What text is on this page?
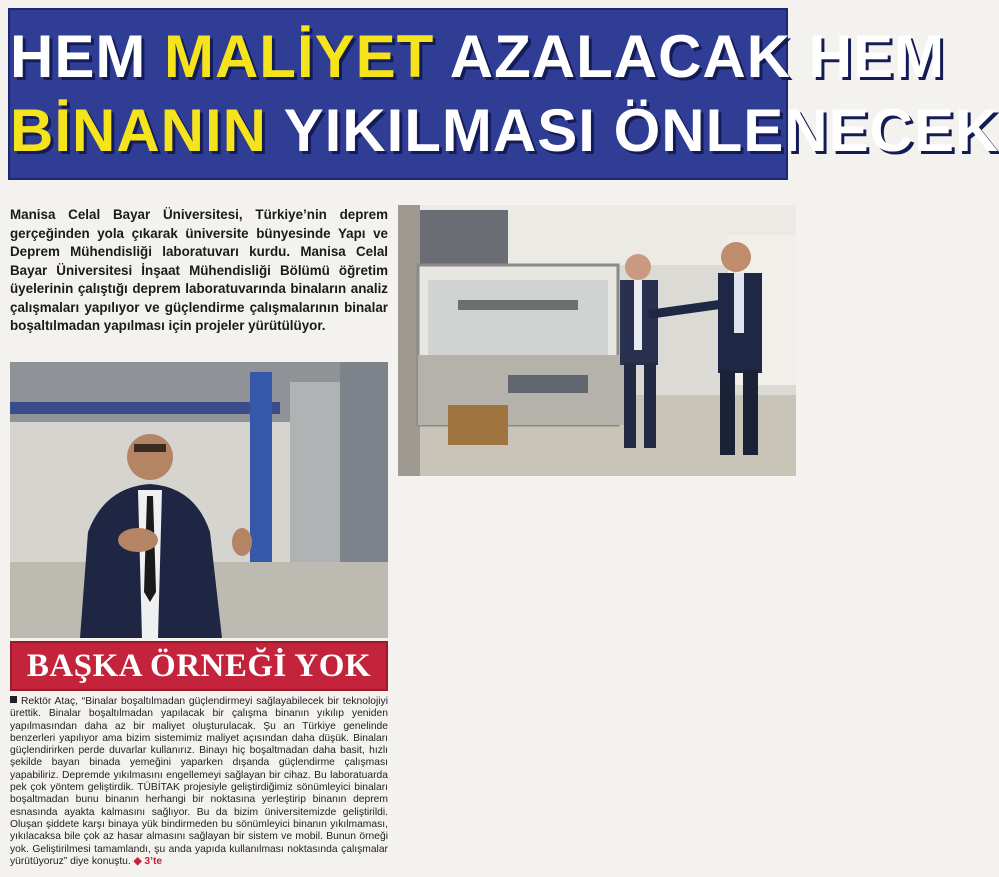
HEM MALİYET AZALACAK HEM
BİNANIN YIKILMASI ÖNLENECEK

Manisa Celal Bayar Üniversitesi, Türkiye’nin deprem gerçeğinden yola çıkarak üniversite bünyesinde Yapı ve Deprem Mühendisliği laboratuvarı kurdu. Manisa Celal Bayar Üniversitesi İnşaat Mühendisliği Bölümü öğretim üyelerinin çalıştığı deprem laboratuvarında binaların analiz çalışmaları yapılıyor ve güçlendirme çalışmalarının binalar boşaltılmadan yapılması için projeler yürütülüyor.

BAŞKA ÖRNEĞİ YOK

Rektör Ataç, “Binalar boşaltılmadan güçlendirmeyi sağlayabilecek bir teknolojiyi ürettik. Binalar boşaltılmadan yapılacak bir çalışma binanın yıkılıp yeniden yapılmasından daha az bir maliyet oluşturulacak. Şu an Türkiye genelinde benzerleri yapılıyor ama bizim sistemimiz maliyet açısından daha düşük. Binaları güçlendirirken perde duvarlar kullanırız. Binayı hiç boşaltmadan daha basit, hızlı şekilde bayan binada yemeğini yaparken dışanda güçlendirme çalışması yapabiliriz. Depremde yıkılmasını engellemeyi sağlayan bir cihaz. Bu laboratuarda pek çok yöntem geliştirdik. TÜBİTAK projesiyle geliştirdiğimiz sönümleyici binaları boşaltmadan bunu binanın herhangi bir noktasına yerleştirip binanın deprem esnasında ayakta kalmasını sağlıyor. Bu da bizim üniversitemizde geliştirildi. Oluşan şiddete karşı binaya yük bindirmeden bu sönümleyici binanın yıkılmaması, yıkılacaksa bile çok az hasar almasını sağlayan bir sistem ve mobil. Bunun örneği yok. Geliştirilmesi tamamlandı, şu anda yapıda kullanılması noktasında çalışmalar yürütüyoruz” diye konuştu. ◆ 3’te
